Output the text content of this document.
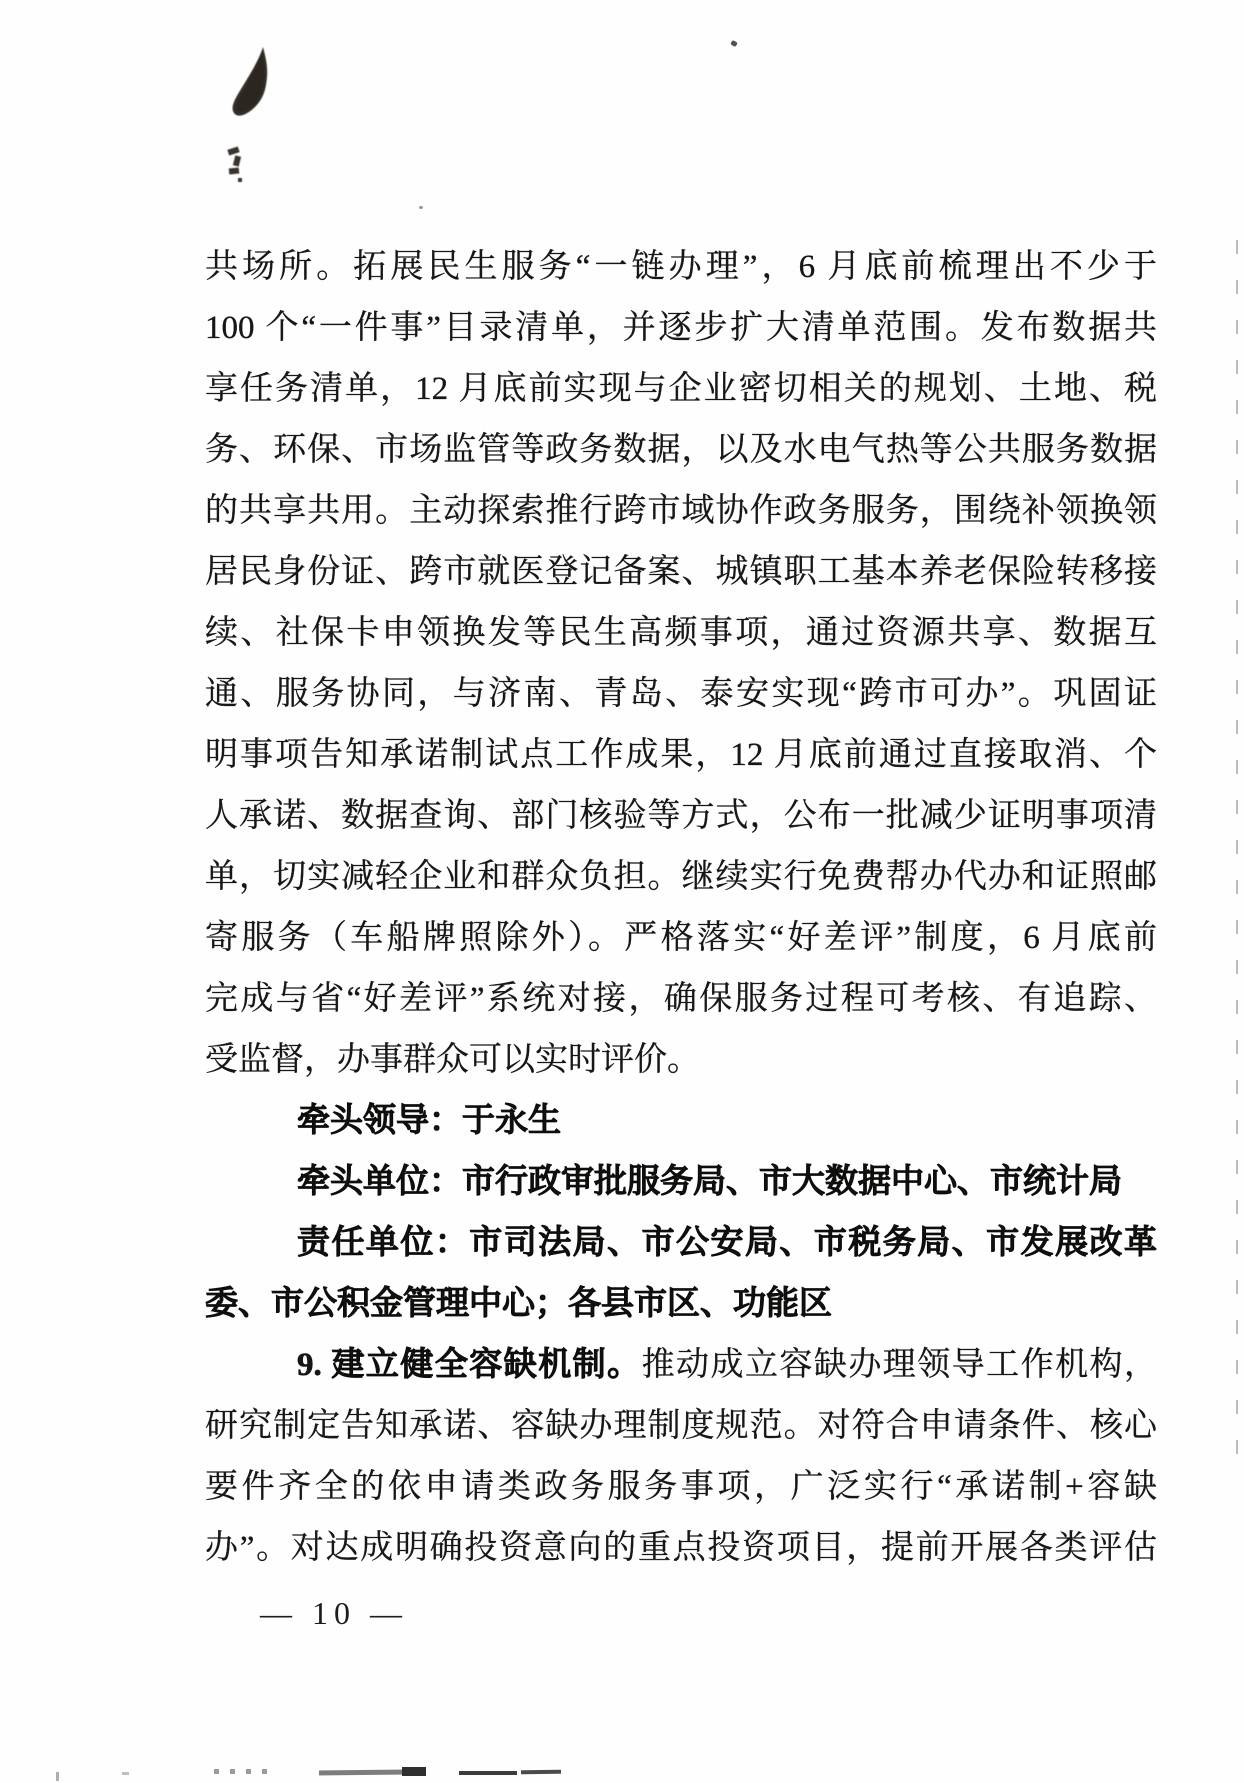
共场所。拓展民生服务“一链办理”，6 月底前梳理出不少于
100 个“一件事”目录清单，并逐步扩大清单范围。发布数据共
享任务清单，12 月底前实现与企业密切相关的规划、土地、税
务、环保、市场监管等政务数据，以及水电气热等公共服务数据
的共享共用。主动探索推行跨市域协作政务服务，围绕补领换领
居民身份证、跨市就医登记备案、城镇职工基本养老保险转移接
续、社保卡申领换发等民生高频事项，通过资源共享、数据互
通、服务协同，与济南、青岛、泰安实现“跨市可办”。巩固证
明事项告知承诺制试点工作成果，12 月底前通过直接取消、个
人承诺、数据查询、部门核验等方式，公布一批减少证明事项清
单，切实减轻企业和群众负担。继续实行免费帮办代办和证照邮
寄服务（车船牌照除外）。严格落实“好差评”制度，6 月底前
完成与省“好差评”系统对接，确保服务过程可考核、有追踪、
受监督，办事群众可以实时评价。
牵头领导：于永生
牵头单位：市行政审批服务局、市大数据中心、市统计局
责任单位：市司法局、市公安局、市税务局、市发展改革
委、市公积金管理中心；各县市区、功能区
9. 建立健全容缺机制。推动成立容缺办理领导工作机构，
研究制定告知承诺、容缺办理制度规范。对符合申请条件、核心
要件齐全的依申请类政务服务事项，广泛实行“承诺制+容缺
办”。对达成明确投资意向的重点投资项目，提前开展各类评估
— 10 —
